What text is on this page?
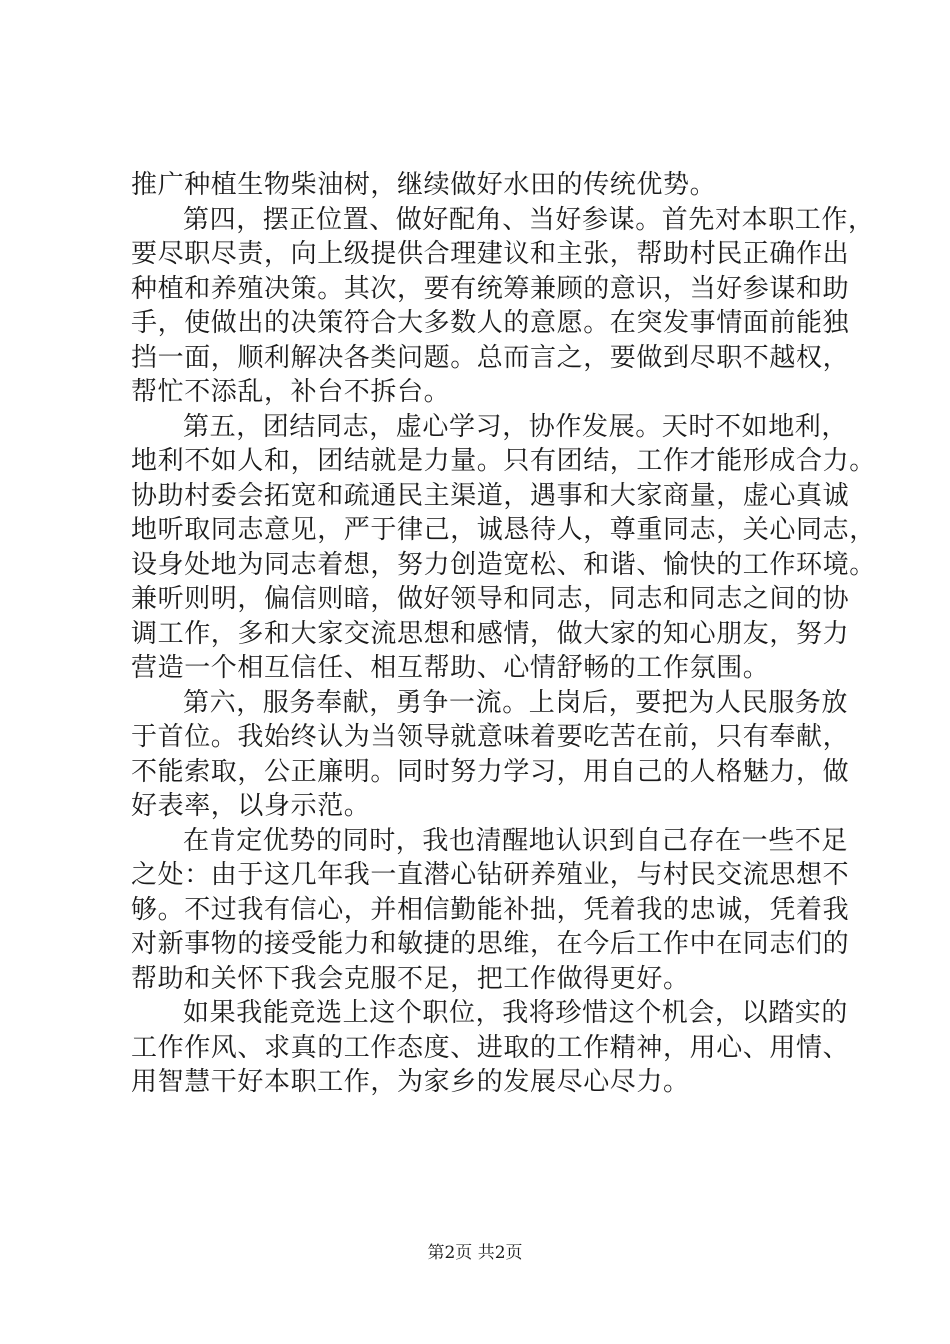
推广种植生物柴油树，继续做好水田的传统优势。
第四，摆正位置、做好配角、当好参谋。首先对本职工作，
要尽职尽责，向上级提供合理建议和主张，帮助村民正确作出
种植和养殖决策。其次，要有统筹兼顾的意识，当好参谋和助
手，使做出的决策符合大多数人的意愿。在突发事情面前能独
挡一面，顺利解决各类问题。总而言之，要做到尽职不越权，
帮忙不添乱，补台不拆台。
第五，团结同志，虚心学习，协作发展。天时不如地利，
地利不如人和，团结就是力量。只有团结，工作才能形成合力。
协助村委会拓宽和疏通民主渠道，遇事和大家商量，虚心真诚
地听取同志意见，严于律己，诚恳待人，尊重同志，关心同志，
设身处地为同志着想，努力创造宽松、和谐、愉快的工作环境。
兼听则明，偏信则暗，做好领导和同志，同志和同志之间的协
调工作，多和大家交流思想和感情，做大家的知心朋友，努力
营造一个相互信任、相互帮助、心情舒畅的工作氛围。
第六，服务奉献，勇争一流。上岗后，要把为人民服务放
于首位。我始终认为当领导就意味着要吃苦在前，只有奉献，
不能索取，公正廉明。同时努力学习，用自己的人格魅力，做
好表率，以身示范。
在肯定优势的同时，我也清醒地认识到自己存在一些不足
之处：由于这几年我一直潜心钻研养殖业，与村民交流思想不
够。不过我有信心，并相信勤能补拙，凭着我的忠诚，凭着我
对新事物的接受能力和敏捷的思维，在今后工作中在同志们的
帮助和关怀下我会克服不足，把工作做得更好。
如果我能竞选上这个职位，我将珍惜这个机会，以踏实的
工作作风、求真的工作态度、进取的工作精神，用心、用情、
用智慧干好本职工作，为家乡的发展尽心尽力。
第2页 共2页
